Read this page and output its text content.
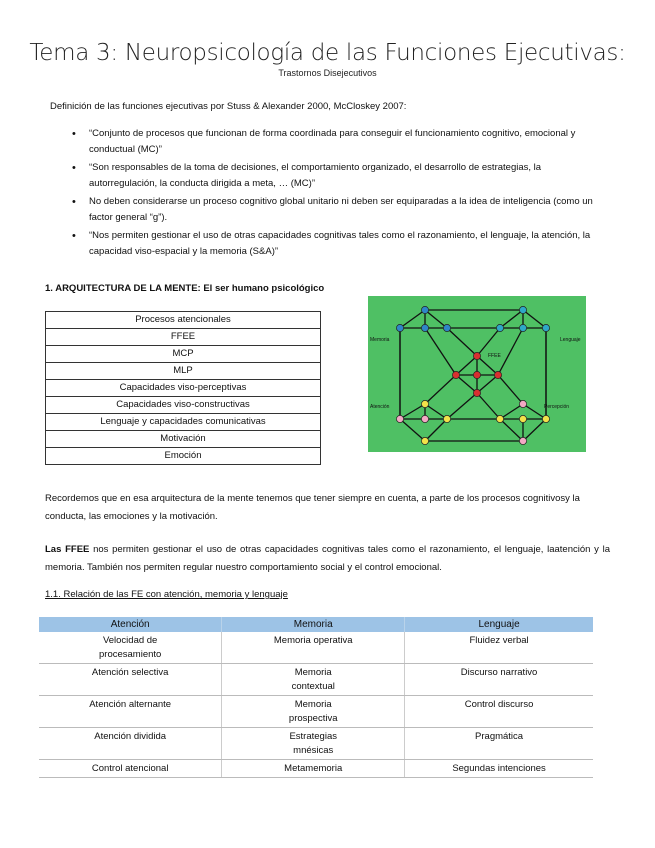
Tema 3: Neuropsicología de las Funciones Ejecutivas:
Trastornos Disejecutivos
Definición de las funciones ejecutivas por Stuss & Alexander 2000, McCloskey 2007:
• “Conjunto de procesos que funcionan de forma coordinada para conseguir el funcionamiento cognitivo, emocional y conductual (MC)”
• “Son responsables de la toma de decisiones, el comportamiento organizado, el desarrollo de estrategias, la autorregulación, la conducta dirigida a meta, … (MC)”
• No deben considerarse un proceso cognitivo global unitario ni deben ser equiparadas a la idea de inteligencia (como un factor general “g”).
• “Nos permiten gestionar el uso de otras capacidades cognitivas tales como el razonamiento, el lenguaje, la atención, la capacidad viso-espacial y la memoria (S&A)”
1. ARQUITECTURA DE LA MENTE: El ser humano psicológico
Procesos atencionales
FFEE
MCP
MLP
Capacidades viso-perceptivas
Capacidades viso-constructivas
Lenguaje y capacidades comunicativas
Motivación
Emoción
Memoria	Lenguaje
FFEE
Atención	Percepción
Recordemos que en esa arquitectura de la mente tenemos que tener siempre en cuenta, a parte de los procesos cognitivosy la conducta, las emociones y la motivación.
Las FFEE nos permiten gestionar el uso de otras capacidades cognitivas tales como el razonamiento, el lenguaje, laatención y la memoria. También nos permiten regular nuestro comportamiento social y el control emocional.
1.1. Relación de las FE con atención, memoria y lenguaje
Atención	Memoria	Lenguaje

Velocidad de procesamiento	Memoria operativa	Fluidez verbal
Atención selectiva	Memoria contextual	Discurso narrativo
Atención alternante	Memoria prospectiva	Control discurso
Atención dividida	Estrategias mnésicas	Pragmática
Control atencional	Metamemoria	Segundas intenciones
